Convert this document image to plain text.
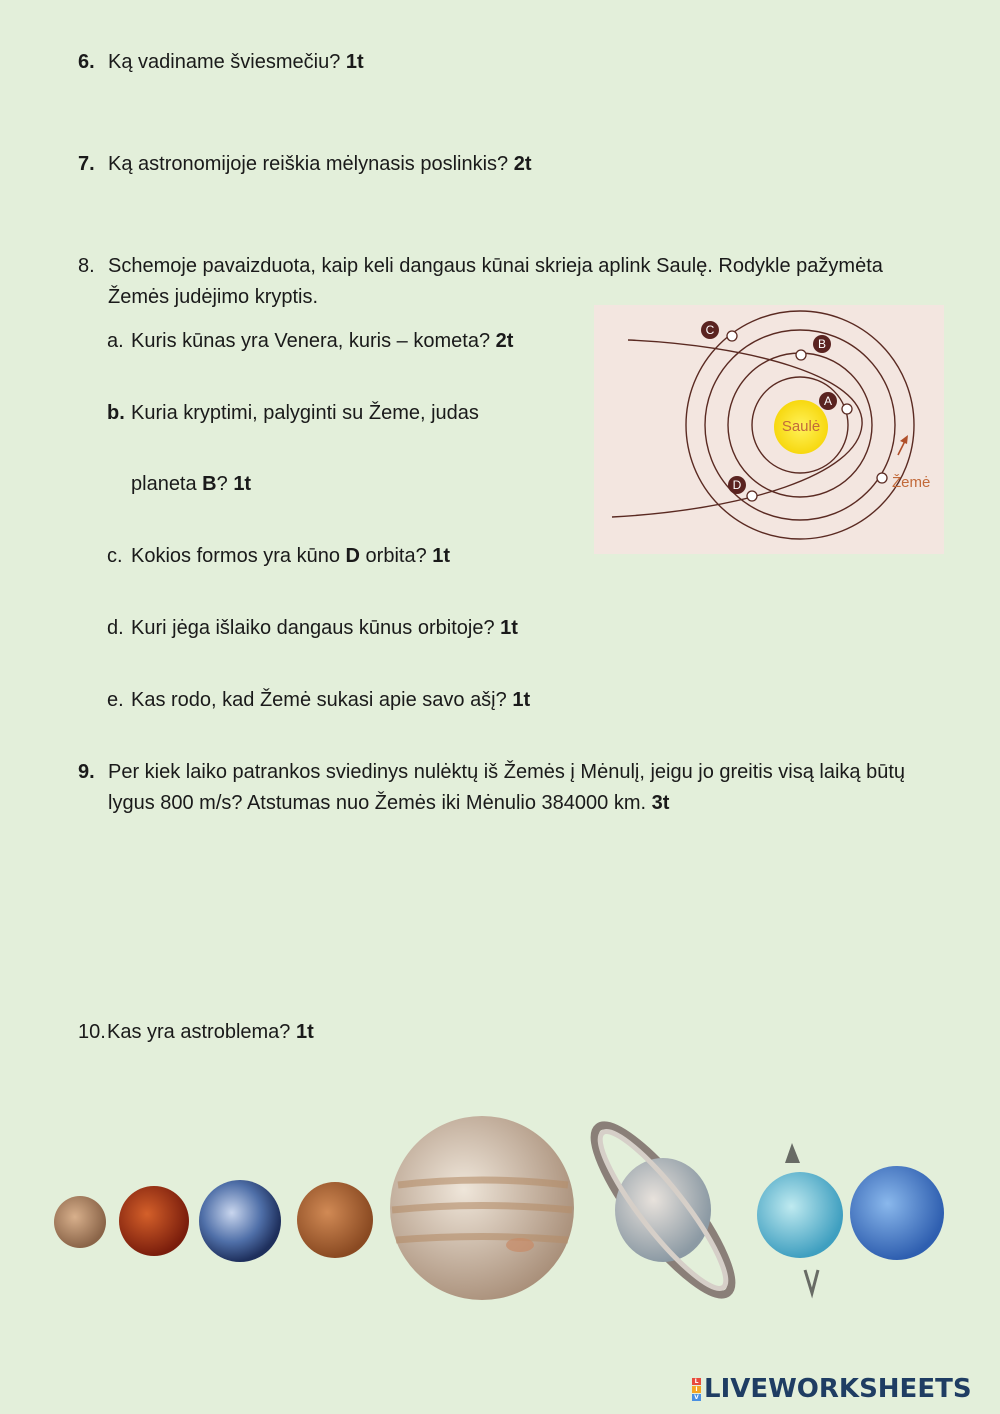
6. Ką vadiname šviesmečiu? 1t
7. Ką astronomijoje reiškia mėlynasis poslinkis? 2t
8. Schemoje pavaizduota, kaip keli dangaus kūnai skrieja aplink Saulę. Rodykle pažymėta Žemės judėjimo kryptis.
a. Kuris kūnas yra Venera, kuris – kometa? 2t
b. Kuria kryptimi, palyginti su Žeme, judas
planeta B? 1t
c. Kokios formos yra kūno D orbita? 1t
d. Kuri jėga išlaiko dangaus kūnus orbitoje? 1t
e. Kas rodo, kad Žemė sukasi apie savo ašį? 1t
Saulė
A
B
C
D	Žemė
9. Per kiek laiko patrankos sviedinys nulėktų iš Žemės į Mėnulį, jeigu jo greitis visą laiką būtų lygus 800 m/s? Atstumas nuo Žemės iki Mėnulio 384000 km. 3t
10. Kas yra astroblema? 1t
L
I
V LIVEWORKSHEETS
